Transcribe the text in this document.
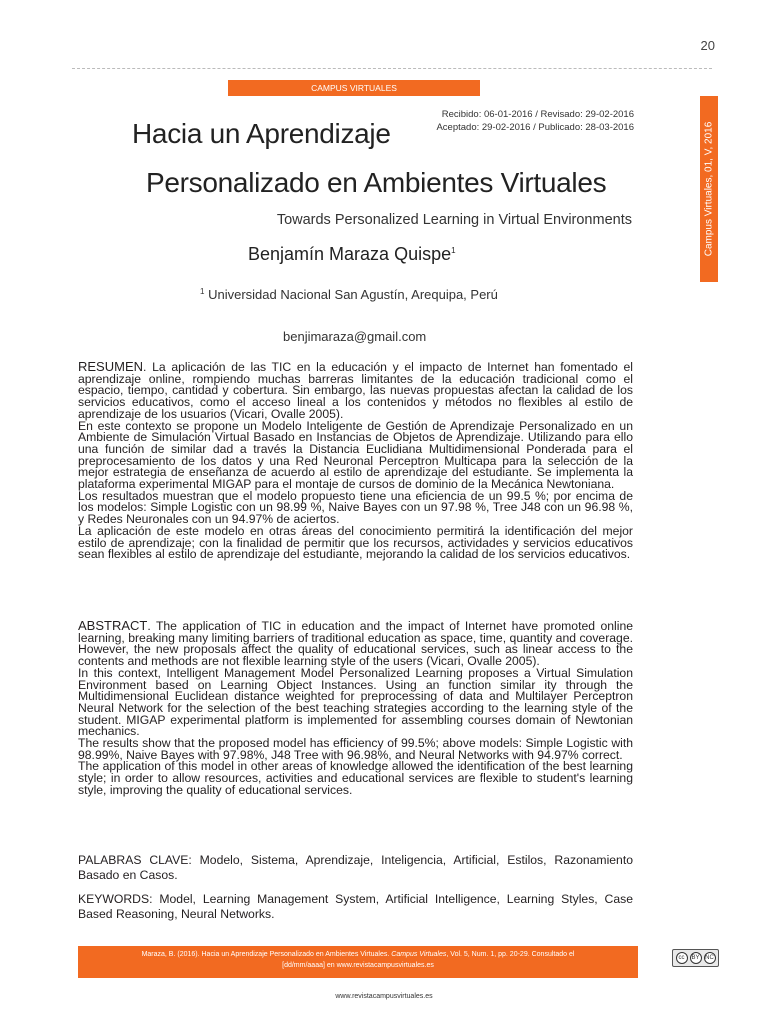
20
CAMPUS VIRTUALES
Campus Virtuales, 01, V, 2016
Recibido: 06-01-2016 / Revisado: 29-02-2016
Aceptado: 29-02-2016 / Publicado: 28-03-2016
Hacia un Aprendizaje
Personalizado en Ambientes Virtuales
Towards Personalized Learning in Virtual Environments
Benjamín Maraza Quispe$^1$
$^1$ Universidad Nacional San Agustín, Arequipa, Perú
benjimaraza@gmail.com

RESUMEN. La aplicación de las TIC en la educación y el impacto de Internet han fomentado el aprendizaje online, rompiendo muchas barreras limitantes de la educación tradicional como el espacio, tiempo, cantidad y cobertura. Sin embargo, las nuevas propuestas afectan la calidad de los servicios educativos, como el acceso lineal a los contenidos y métodos no flexibles al estilo de aprendizaje de los usuarios (Vicari, Ovalle 2005).

En este contexto se propone un Modelo Inteligente de Gestión de Aprendizaje Personalizado en un Ambiente de Simulación Virtual Basado en Instancias de Objetos de Aprendizaje. Utilizando para ello una función de similar dad a través la Distancia Euclidiana Multidimensional Ponderada para el preprocesamiento de los datos y una Red Neuronal Perceptron Multicapa para la selección de la mejor estrategia de enseñanza de acuerdo al estilo de aprendizaje del estudiante. Se implementa la plataforma experimental MIGAP para el montaje de cursos de dominio de la Mecánica Newtoniana.

Los resultados muestran que el modelo propuesto tiene una eficiencia de un 99.5 %; por encima de los modelos: Simple Logistic con un 98.99 %, Naive Bayes con un 97.98 %, Tree J48 con un 96.98 %, y Redes Neuronales con un 94.97% de aciertos.

La aplicación de este modelo en otras áreas del conocimiento permitirá la identificación del mejor estilo de aprendizaje; con la finalidad de permitir que los recursos, actividades y servicios educativos sean flexibles al estilo de aprendizaje del estudiante, mejorando la calidad de los servicios educativos.

ABSTRACT. The application of TIC in education and the impact of Internet have promoted online learning, breaking many limiting barriers of traditional education as space, time, quantity and coverage. However, the new proposals affect the quality of educational services, such as linear access to the contents and methods are not flexible learning style of the users (Vicari, Ovalle 2005).

In this context, Intelligent Management Model Personalized Learning proposes a Virtual Simulation Environment based on Learning Object Instances. Using an function similar ity through the Multidimensional Euclidean distance weighted for preprocessing of data and Multilayer Perceptron Neural Network for the selection of the best teaching strategies according to the learning style of the student. MIGAP experimental platform is implemented for assembling courses domain of Newtonian mechanics.

The results show that the proposed model has efficiency of 99.5%; above models: Simple Logistic with 98.99%, Naive Bayes with 97.98%, J48 Tree with 96.98%, and Neural Networks with 94.97% correct.

The application of this model in other areas of knowledge allowed the identification of the best learning style; in order to allow resources, activities and educational services are flexible to student's learning style, improving the quality of educational services.

PALABRAS CLAVE: Modelo, Sistema, Aprendizaje, Inteligencia, Artificial, Estilos, Razonamiento Basado en Casos.
KEYWORDS: Model, Learning Management System, Artificial Intelligence, Learning Styles, Case Based Reasoning, Neural Networks.
Maraza, B. (2016). Hacia un Aprendizaje Personalizado en Ambientes Virtuales. Campus Virtuales, Vol. 5, Num. 1, pp. 20-29. Consultado el
[dd/mm/aaaa] en www.revistacampusvirtuales.es
cc	BY NC
www.revistacampusvirtuales.es
